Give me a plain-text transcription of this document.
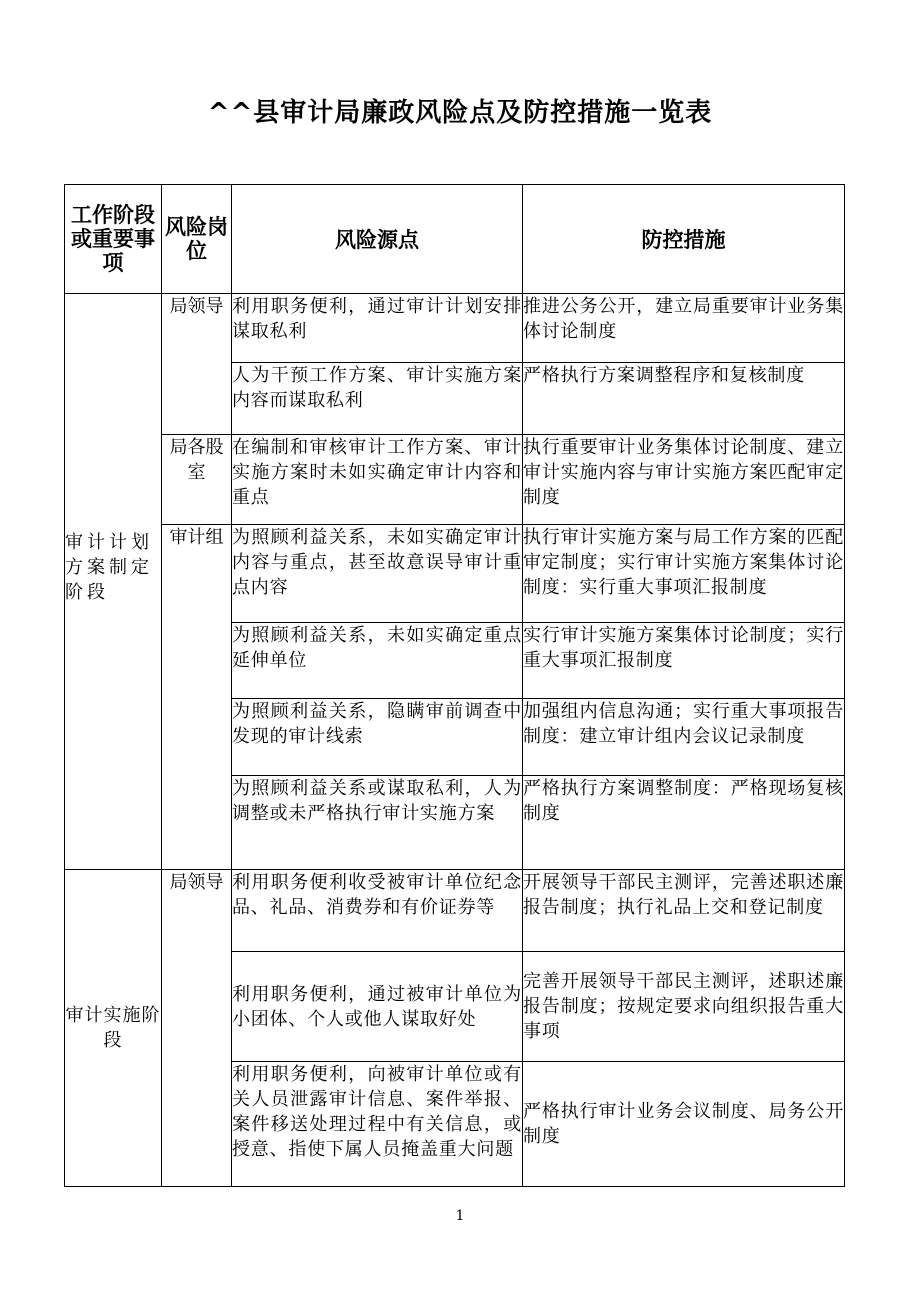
^^县审计局廉政风险点及防控措施一览表
工作阶段或重要事项	风险岗位	风险源点	防控措施
审计计划方案制定阶段	局领导	利用职务便利，通过审计计划安排谋取私利	推进公务公开，建立局重要审计业务集体讨论制度
		人为干预工作方案、审计实施方案内容而谋取私利	严格执行方案调整程序和复核制度
	局各股室	在编制和审核审计工作方案、审计实施方案时未如实确定审计内容和重点	执行重要审计业务集体讨论制度、建立审计实施内容与审计实施方案匹配审定制度
	审计组	为照顾利益关系，未如实确定审计内容与重点，甚至故意误导审计重点内容	执行审计实施方案与局工作方案的匹配审定制度；实行审计实施方案集体讨论制度：实行重大事项汇报制度
		为照顾利益关系，未如实确定重点延伸单位	实行审计实施方案集体讨论制度；实行重大事项汇报制度
		为照顾利益关系，隐瞒审前调查中发现的审计线索	加强组内信息沟通；实行重大事项报告制度：建立审计组内会议记录制度
		为照顾利益关系或谋取私利，人为调整或未严格执行审计实施方案	严格执行方案调整制度：严格现场复核制度
审计实施阶段	局领导	利用职务便利收受被审计单位纪念品、礼品、消费券和有价证券等	开展领导干部民主测评，完善述职述廉报告制度；执行礼品上交和登记制度
		利用职务便利，通过被审计单位为小团体、个人或他人谋取好处	完善开展领导干部民主测评，述职述廉报告制度；按规定要求向组织报告重大事项
		利用职务便利，向被审计单位或有关人员泄露审计信息、案件举报、案件移送处理过程中有关信息，或授意、指使下属人员掩盖重大问题	严格执行审计业务会议制度、局务公开制度
1
